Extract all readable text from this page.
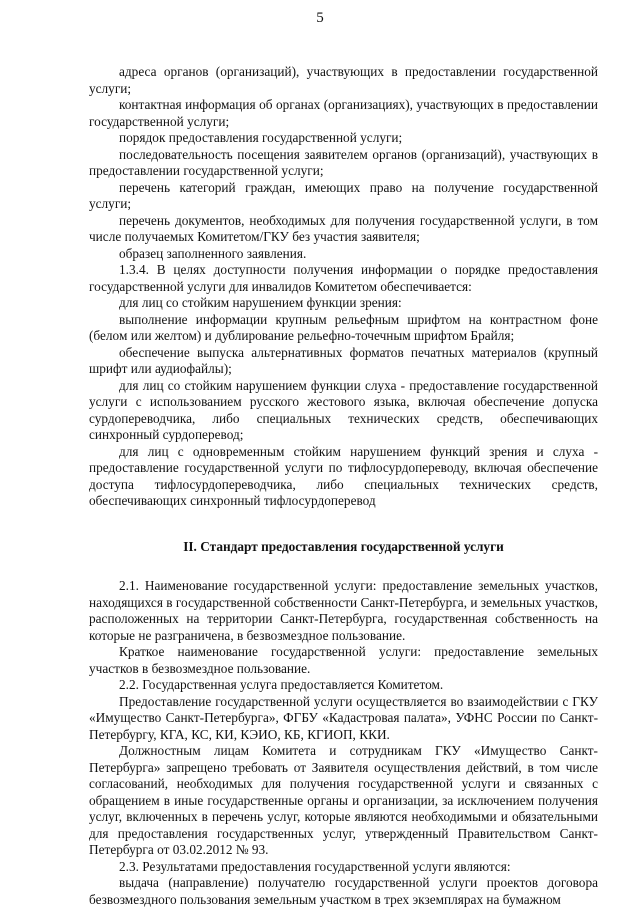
5

адреса органов (организаций), участвующих в предоставлении государственной услуги;

контактная информация об органах (организациях), участвующих в предоставлении государственной услуги;

порядок предоставления государственной услуги;

последовательность посещения заявителем органов (организаций), участвующих в предоставлении государственной услуги;

перечень категорий граждан, имеющих право на получение государственной услуги;

перечень документов, необходимых для получения государственной услуги, в том числе получаемых Комитетом/ГКУ без участия заявителя;

образец заполненного заявления.

1.3.4. В целях доступности получения информации о порядке предоставления государственной услуги для инвалидов Комитетом обеспечивается:

для лиц со стойким нарушением функции зрения:

выполнение информации крупным рельефным шрифтом на контрастном фоне (белом или желтом) и дублирование рельефно-точечным шрифтом Брайля;

обеспечение выпуска альтернативных форматов печатных материалов (крупный шрифт или аудиофайлы);

для лиц со стойким нарушением функции слуха - предоставление государственной услуги с использованием русского жестового языка, включая обеспечение допуска сурдопереводчика, либо специальных технических средств, обеспечивающих синхронный сурдоперевод;

для лиц с одновременным стойким нарушением функций зрения и слуха - предоставление государственной услуги по тифлосурдопереводу, включая обеспечение доступа тифлосурдопереводчика, либо специальных технических средств, обеспечивающих синхронный тифлосурдоперевод

II. Стандарт предоставления государственной услуги

2.1. Наименование государственной услуги: предоставление земельных участков, находящихся в государственной собственности Санкт-Петербурга, и земельных участков, расположенных на территории Санкт-Петербурга, государственная собственность на которые не разграничена, в безвозмездное пользование.

Краткое наименование государственной услуги: предоставление земельных участков в безвозмездное пользование.

2.2. Государственная услуга предоставляется Комитетом.

Предоставление государственной услуги осуществляется во взаимодействии с ГКУ «Имущество Санкт-Петербурга», ФГБУ «Кадастровая палата», УФНС России по Санкт-Петербургу, КГА, КС, КИ, КЭИО, КБ, КГИОП, ККИ.

Должностным лицам Комитета и сотрудникам ГКУ «Имущество Санкт-Петербурга» запрещено требовать от Заявителя осуществления действий, в том числе согласований, необходимых для получения государственной услуги и связанных с обращением в иные государственные органы и организации, за исключением получения услуг, включенных в перечень услуг, которые являются необходимыми и обязательными для предоставления государственных услуг, утвержденный Правительством Санкт-Петербурга от 03.02.2012 № 93.

2.3. Результатами предоставления государственной услуги являются:

выдача (направление) получателю государственной услуги проектов договора безвозмездного пользования земельным участком в трех экземплярах на бумажном
